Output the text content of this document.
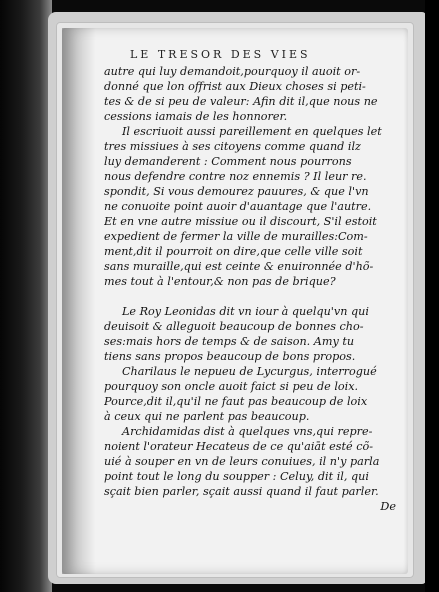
LE TRESOR DES VIES
autre qui luy demandoit,pourquoy il auoit or-
donné que lon offrist aux Dieux choses si peti-
tes & de si peu de valeur: Afin dit il,que nous ne
cessions iamais de les honnorer.
Il escriuoit aussi pareillement en quelques let
tres missiues à ses citoyens comme quand ilz
luy demanderent : Comment nous pourrons
nous defendre contre noz ennemis ? Il leur re.
spondit, Si vous demourez pauures, & que l'vn
ne conuoite point auoir d'auantage que l'autre.
Et en vne autre missiue ou il discourt, S'il estoit
expedient de fermer la ville de murailles:Com-
ment,dit il pourroit on dire,que celle ville soit
sans muraille,qui est ceinte & enuironnée d'hõ-
mes tout à l'entour,& non pas de brique?
Le Roy Leonidas dit vn iour à quelqu'vn qui
deuisoit & alleguoit beaucoup de bonnes cho-
ses:mais hors de temps & de saison. Amy tu
tiens sans propos beaucoup de bons propos.
Charilaus le nepueu de Lycurgus, interrogué
pourquoy son oncle auoit faict si peu de loix.
Pource,dit il,qu'il ne faut pas beaucoup de loix
à ceux qui ne parlent pas beaucoup.
Archidamidas dist à quelques vns,qui repre-
noient l'orateur Hecateus de ce qu'aiāt esté cõ-
uié à souper en vn de leurs conuiues, il n'y parla
point tout le long du soupper : Celuy, dit il, qui
sçait bien parler, sçait aussi quand il faut parler.
De
